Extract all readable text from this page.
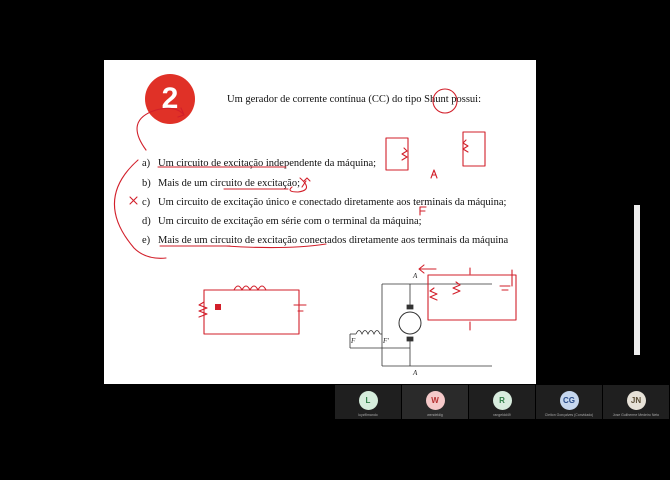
2	Um gerador de corrente contínua (CC) do tipo Shunt possui:
a) Um circuito de excitação independente da máquina;
b) Mais de um circuito de excitação;
c) Um circuito de excitação único e conectado diretamente aos terminais da máquina;
d) Um circuito de excitação em série com o terminal da máquina;
e) Mais de um circuito de excitação conectados diretamente aos terminais da máquina
A
A
F	F'
L
luyzfilmando
W
wendeldig
R
rangeldd49
CG
Cleiton Gonçalves (Convidado)
JN
Jose Guilherme Medeiro Neto
